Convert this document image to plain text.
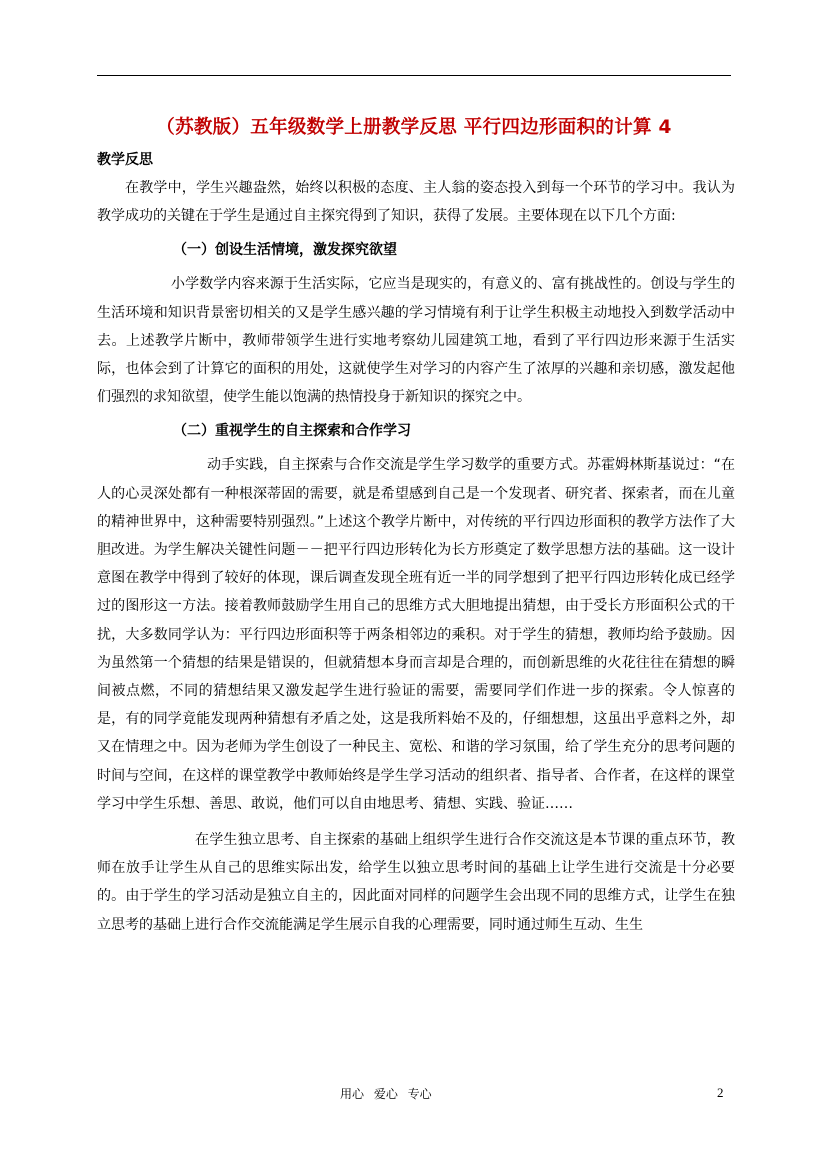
（苏教版）五年级数学上册教学反思 平行四边形面积的计算 4

教学反思

在教学中，学生兴趣盎然，始终以积极的态度、主人翁的姿态投入到每一个环节的学习中。我认为教学成功的关键在于学生是通过自主探究得到了知识，获得了发展。主要体现在以下几个方面:

（一）创设生活情境，激发探究欲望

小学数学内容来源于生活实际，它应当是现实的，有意义的、富有挑战性的。创设与学生的生活环境和知识背景密切相关的又是学生感兴趣的学习情境有利于让学生积极主动地投入到数学活动中去。上述教学片断中，教师带领学生进行实地考察幼儿园建筑工地，看到了平行四边形来源于生活实际，也体会到了计算它的面积的用处，这就使学生对学习的内容产生了浓厚的兴趣和亲切感，激发起他们强烈的求知欲望，使学生能以饱满的热情投身于新知识的探究之中。

（二）重视学生的自主探索和合作学习

动手实践，自主探索与合作交流是学生学习数学的重要方式。苏霍姆林斯基说过：“在人的心灵深处都有一种根深蒂固的需要，就是希望感到自己是一个发现者、研究者、探索者，而在儿童的精神世界中，这种需要特别强烈。”上述这个教学片断中，对传统的平行四边形面积的教学方法作了大胆改进。为学生解决关键性问题－－把平行四边形转化为长方形奠定了数学思想方法的基础。这一设计意图在教学中得到了较好的体现，课后调查发现全班有近一半的同学想到了把平行四边形转化成已经学过的图形这一方法。接着教师鼓励学生用自己的思维方式大胆地提出猜想，由于受长方形面积公式的干扰，大多数同学认为：平行四边形面积等于两条相邻边的乘积。对于学生的猜想，教师均给予鼓励。因为虽然第一个猜想的结果是错误的，但就猜想本身而言却是合理的，而创新思维的火花往往在猜想的瞬间被点燃，不同的猜想结果又激发起学生进行验证的需要，需要同学们作进一步的探索。令人惊喜的是，有的同学竟能发现两种猜想有矛盾之处，这是我所料始不及的，仔细想想，这虽出乎意料之外，却又在情理之中。因为老师为学生创设了一种民主、宽松、和谐的学习氛围，给了学生充分的思考问题的时间与空间，在这样的课堂教学中教师始终是学生学习活动的组织者、指导者、合作者，在这样的课堂学习中学生乐想、善思、敢说，他们可以自由地思考、猜想、实践、验证……

在学生独立思考、自主探索的基础上组织学生进行合作交流这是本节课的重点环节，教师在放手让学生从自己的思维实际出发，给学生以独立思考时间的基础上让学生进行交流是十分必要的。由于学生的学习活动是独立自主的，因此面对同样的问题学生会出现不同的思维方式，让学生在独立思考的基础上进行合作交流能满足学生展示自我的心理需要，同时通过师生互动、生生

用心 爱心 专心	2
